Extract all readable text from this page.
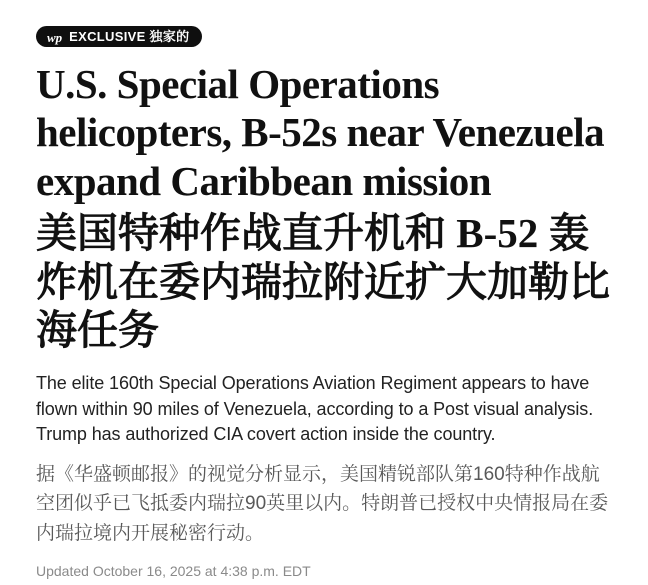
wp EXCLUSIVE 独家的
U.S. Special Operations helicopters, B-52s near Venezuela expand Caribbean mission
美国特种作战直升机和 B-52 轰炸机在委内瑞拉附近扩大加勒比海任务

The elite 160th Special Operations Aviation Regiment appears to have flown within 90 miles of Venezuela, according to a Post visual analysis. Trump has authorized CIA covert action inside the country.

据《华盛顿邮报》的视觉分析显示，美国精锐部队第160特种作战航空团似乎已飞抵委内瑞拉90英里以内。特朗普已授权中央情报局在委内瑞拉境内开展秘密行动。

Updated October 16, 2025 at 4:38 p.m. EDT
